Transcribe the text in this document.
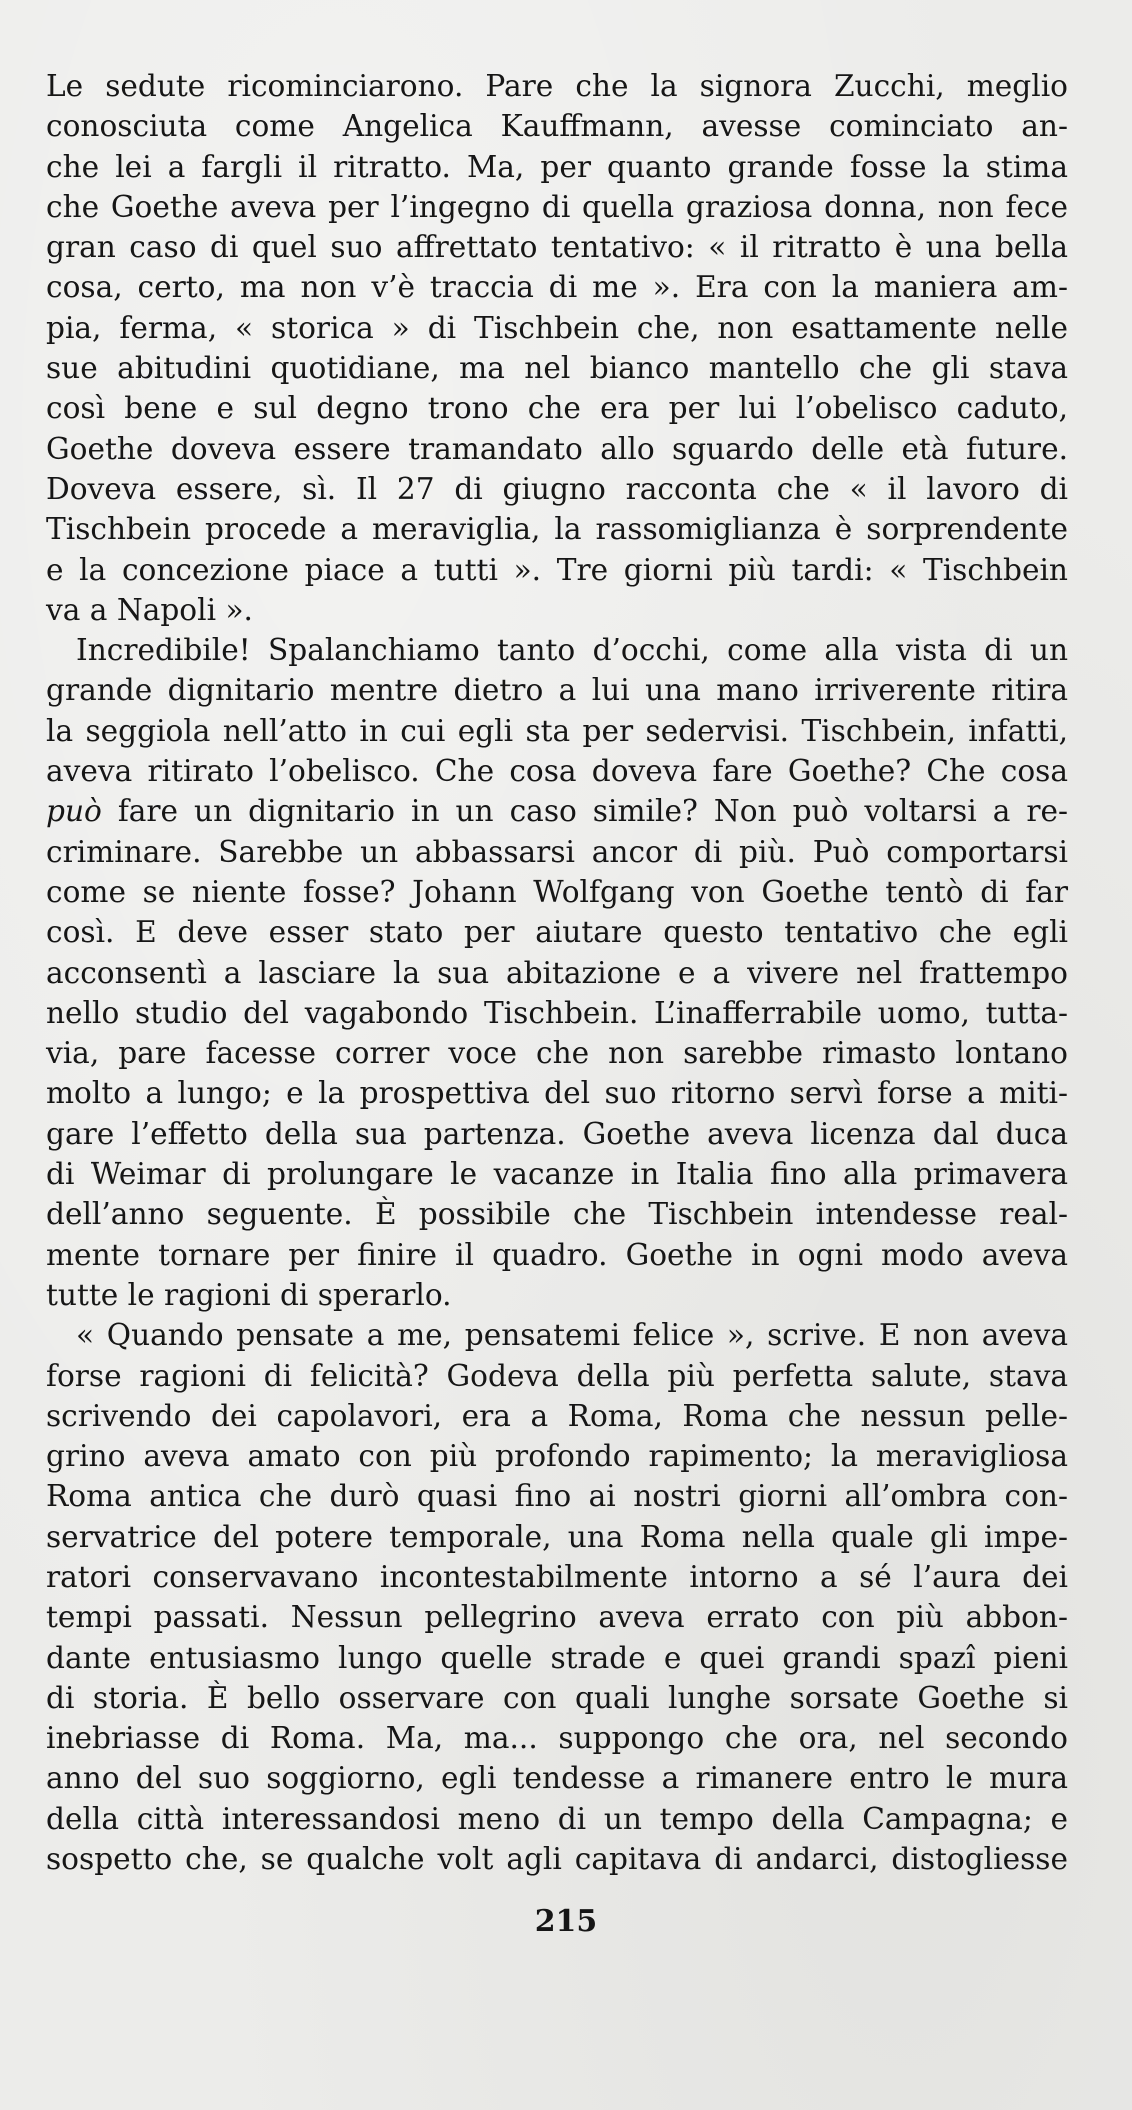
Le sedute ricominciarono. Pare che la signora Zucchi, meglio
conosciuta come Angelica Kauffmann, avesse cominciato an-
che lei a fargli il ritratto. Ma, per quanto grande fosse la stima
che Goethe aveva per l’ingegno di quella graziosa donna, non fece
gran caso di quel suo affrettato tentativo: « il ritratto è una bella
cosa, certo, ma non v’è traccia di me ». Era con la maniera am-
pia, ferma, « storica » di Tischbein che, non esattamente nelle
sue abitudini quotidiane, ma nel bianco mantello che gli stava
così bene e sul degno trono che era per lui l’obelisco caduto,
Goethe doveva essere tramandato allo sguardo delle età future.
Doveva essere, sì. Il 27 di giugno racconta che « il lavoro di
Tischbein procede a meraviglia, la rassomiglianza è sorprendente
e la concezione piace a tutti ». Tre giorni più tardi: « Tischbein
va a Napoli ».
Incredibile! Spalanchiamo tanto d’occhi, come alla vista di un
grande dignitario mentre dietro a lui una mano irriverente ritira
la seggiola nell’atto in cui egli sta per sedervisi. Tischbein, infatti,
aveva ritirato l’obelisco. Che cosa doveva fare Goethe? Che cosa
può fare un dignitario in un caso simile? Non può voltarsi a re-
criminare. Sarebbe un abbassarsi ancor di più. Può comportarsi
come se niente fosse? Johann Wolfgang von Goethe tentò di far
così. E deve esser stato per aiutare questo tentativo che egli
acconsentì a lasciare la sua abitazione e a vivere nel frattempo
nello studio del vagabondo Tischbein. L’inafferrabile uomo, tutta-
via, pare facesse correr voce che non sarebbe rimasto lontano
molto a lungo; e la prospettiva del suo ritorno servì forse a miti-
gare l’effetto della sua partenza. Goethe aveva licenza dal duca
di Weimar di prolungare le vacanze in Italia fino alla primavera
dell’anno seguente. È possibile che Tischbein intendesse real-
mente tornare per finire il quadro. Goethe in ogni modo aveva
tutte le ragioni di sperarlo.
« Quando pensate a me, pensatemi felice », scrive. E non aveva
forse ragioni di felicità? Godeva della più perfetta salute, stava
scrivendo dei capolavori, era a Roma, Roma che nessun pelle-
grino aveva amato con più profondo rapimento; la meravigliosa
Roma antica che durò quasi fino ai nostri giorni all’ombra con-
servatrice del potere temporale, una Roma nella quale gli impe-
ratori conservavano incontestabilmente intorno a sé l’aura dei
tempi passati. Nessun pellegrino aveva errato con più abbon-
dante entusiasmo lungo quelle strade e quei grandi spazî pieni
di storia. È bello osservare con quali lunghe sorsate Goethe si
inebriasse di Roma. Ma, ma... suppongo che ora, nel secondo
anno del suo soggiorno, egli tendesse a rimanere entro le mura
della città interessandosi meno di un tempo della Campagna; e
sospetto che, se qualche volt agli capitava di andarci, distogliesse
215
